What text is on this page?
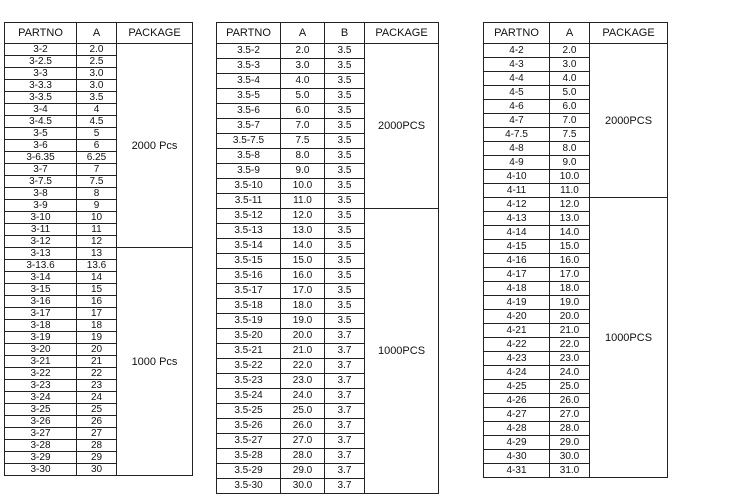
PARTNO	A	PACKAGE
3-2	2.0	2000 Pcs
3-2.5	2.5	
3-3	3.0	
3-3.3	3.0	
3-3.5	3.5	
3-4	4	
3-4.5	4.5	
3-5	5	
3-6	6	
3-6.35	6.25	
3-7	7	
3-7.5	7.5	
3-8	8	
3-9	9	
3-10	10	
3-11	11	
3-12	12	
3-13	13	1000 Pcs
3-13.6	13.6	
3-14	14	
3-15	15	
3-16	16	
3-17	17	
3-18	18	
3-19	19	
3-20	20	
3-21	21	
3-22	22	
3-23	23	
3-24	24	
3-25	25	
3-26	26	
3-27	27	
3-28	28	
3-29	29	
3-30	30	
PARTNO	A	B	PACKAGE
3.5-2	2.0	3.5	2000PCS
3.5-3	3.0	3.5	
3.5-4	4.0	3.5	
3.5-5	5.0	3.5	
3.5-6	6.0	3.5	
3.5-7	7.0	3.5	
3.5-7.5	7.5	3.5	
3.5-8	8.0	3.5	
3.5-9	9.0	3.5	
3.5-10	10.0	3.5	
3.5-11	11.0	3.5	
3.5-12	12.0	3.5	1000PCS
3.5-13	13.0	3.5	
3.5-14	14.0	3.5	
3.5-15	15.0	3.5	
3.5-16	16.0	3.5	
3.5-17	17.0	3.5	
3.5-18	18.0	3.5	
3.5-19	19.0	3.5	
3.5-20	20.0	3.7	
3.5-21	21.0	3.7	
3.5-22	22.0	3.7	
3.5-23	23.0	3.7	
3.5-24	24.0	3.7	
3.5-25	25.0	3.7	
3.5-26	26.0	3.7	
3.5-27	27.0	3.7	
3.5-28	28.0	3.7	
3.5-29	29.0	3.7	
3.5-30	30.0	3.7	
PARTNO	A	PACKAGE
4-2	2.0	2000PCS
4-3	3.0	
4-4	4.0	
4-5	5.0	
4-6	6.0	
4-7	7.0	
4-7.5	7.5	
4-8	8.0	
4-9	9.0	
4-10	10.0	
4-11	11.0	
4-12	12.0	1000PCS
4-13	13.0	
4-14	14.0	
4-15	15.0	
4-16	16.0	
4-17	17.0	
4-18	18.0	
4-19	19.0	
4-20	20.0	
4-21	21.0	
4-22	22.0	
4-23	23.0	
4-24	24.0	
4-25	25.0	
4-26	26.0	
4-27	27.0	
4-28	28.0	
4-29	29.0	
4-30	30.0	
4-31	31.0	
